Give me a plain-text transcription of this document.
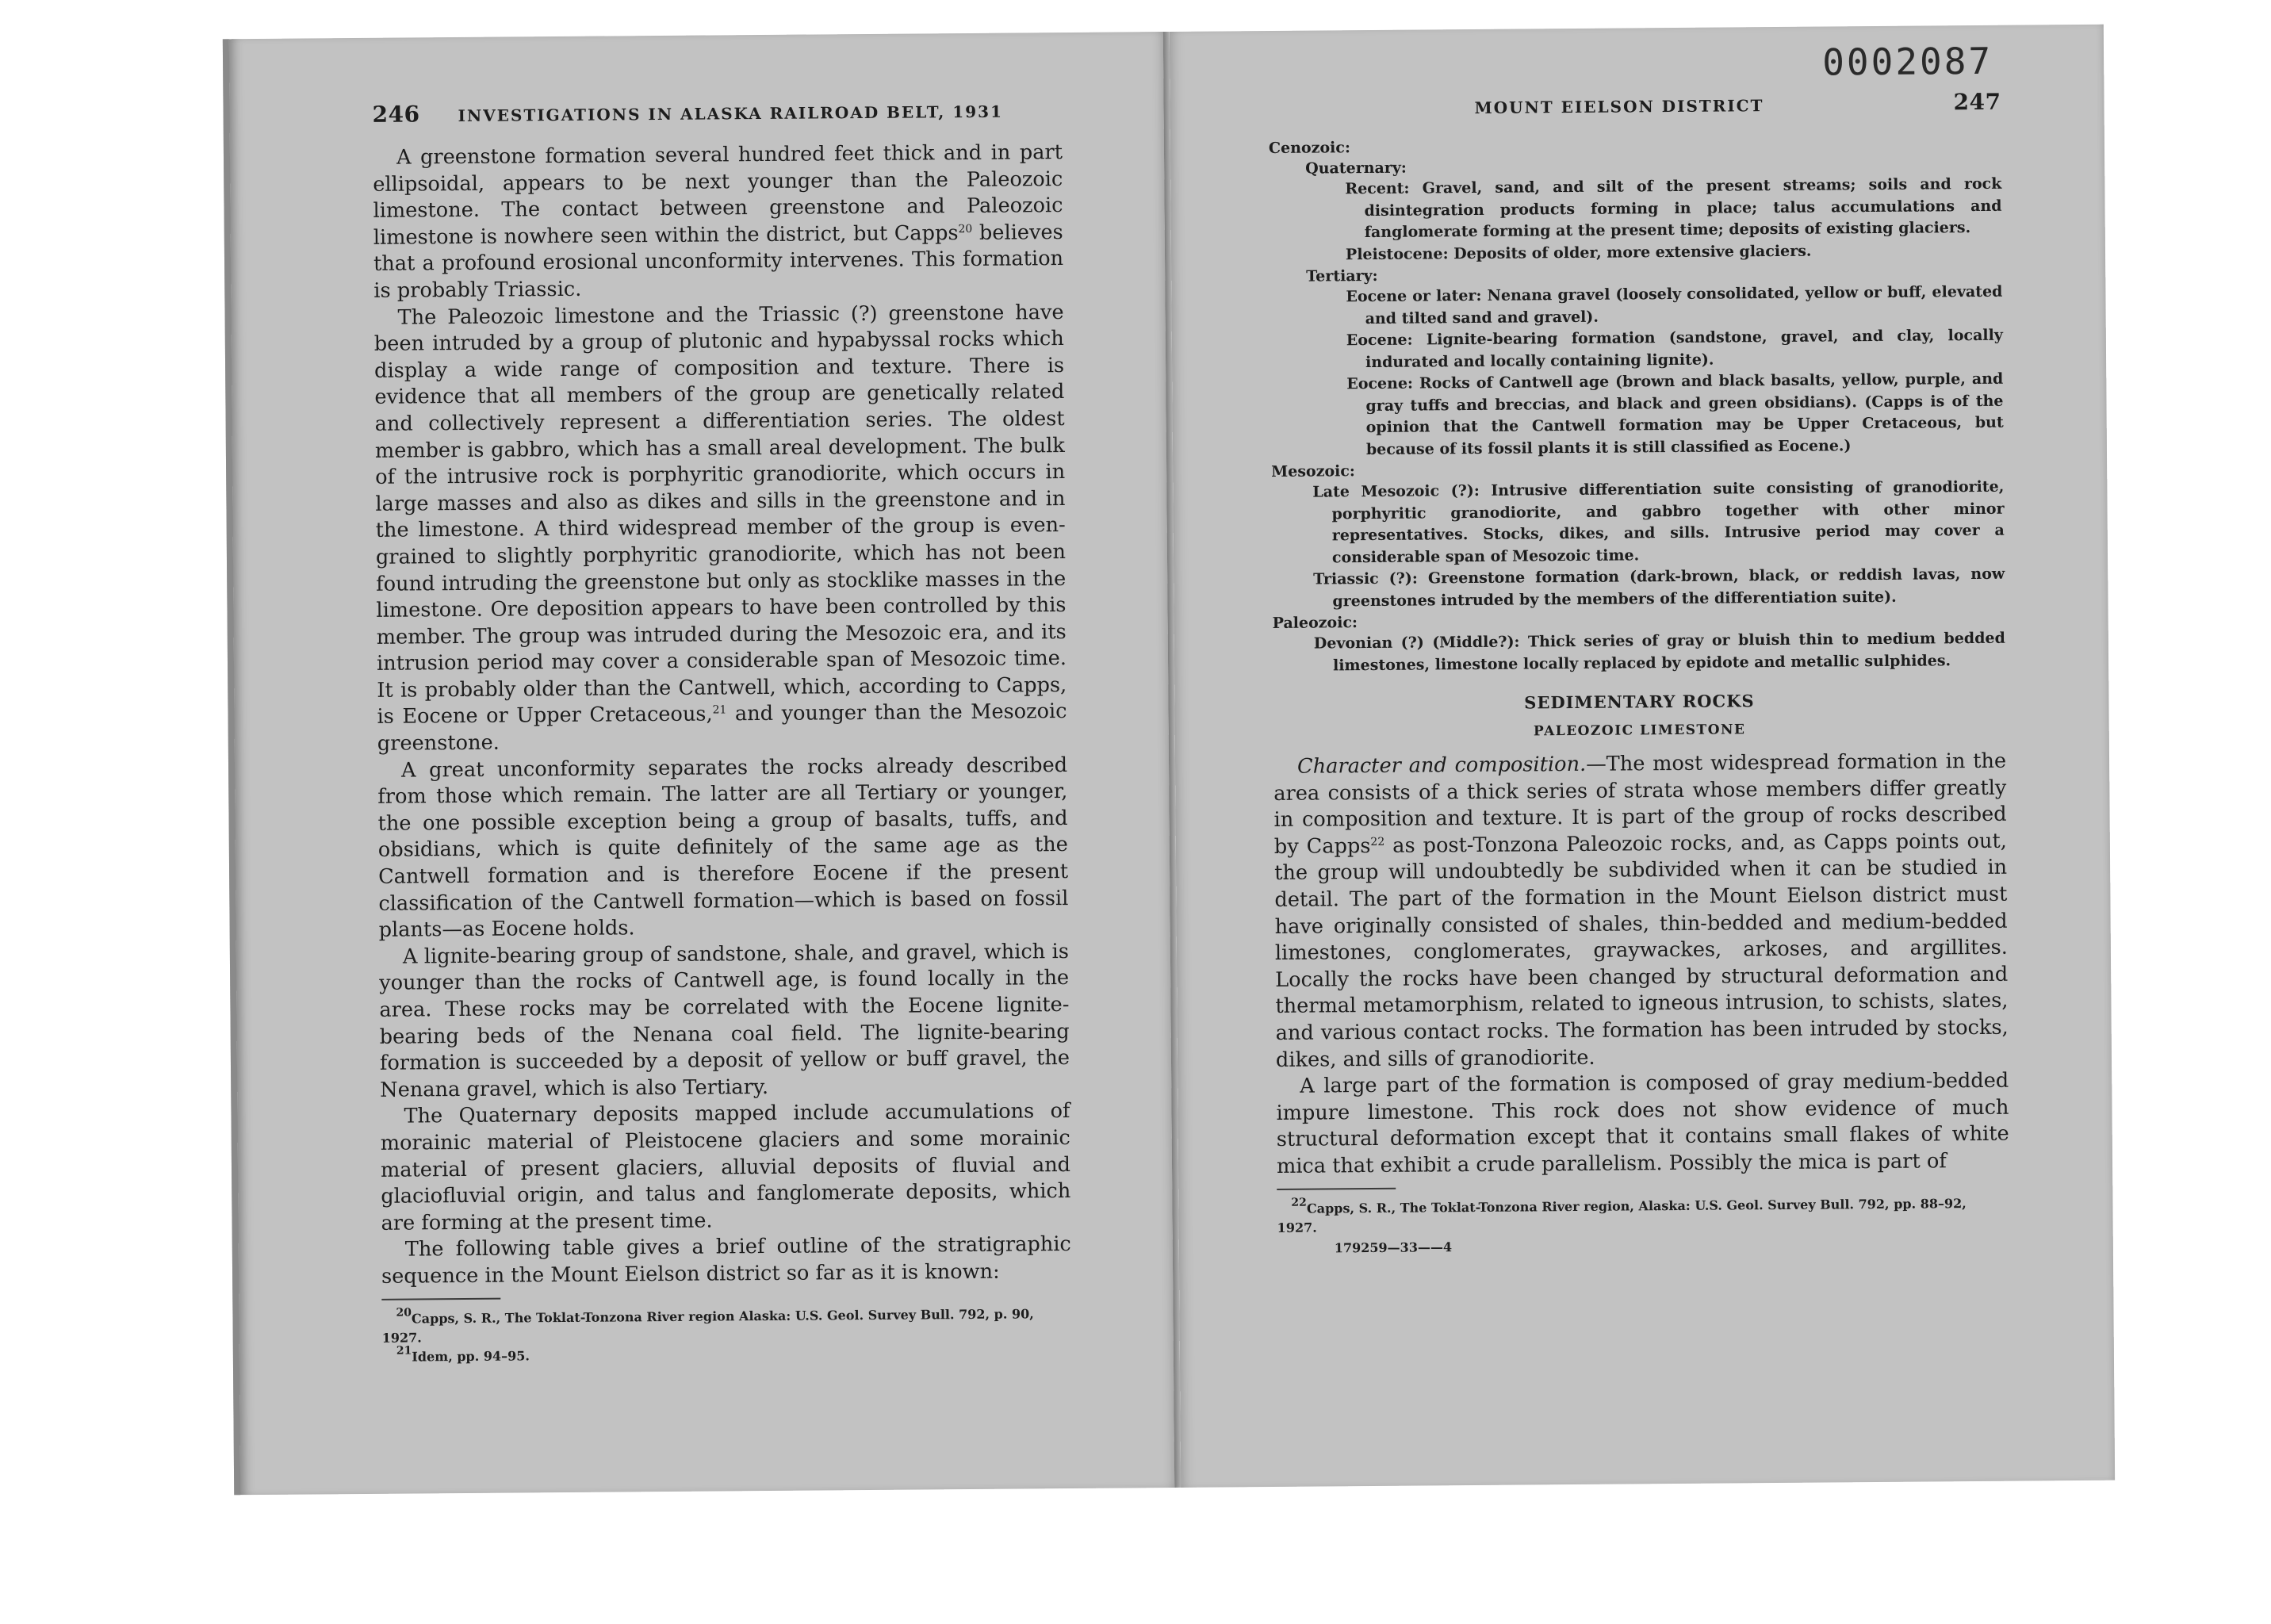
246 INVESTIGATIONS IN ALASKA RAILROAD BELT, 1931

A greenstone formation several hundred feet thick and in part ellipsoidal, appears to be next younger than the Paleozoic limestone. The contact between greenstone and Paleozoic limestone is nowhere seen within the district, but Capps$^{20}$ believes that a profound erosional unconformity intervenes. This formation is probably Triassic.

The Paleozoic limestone and the Triassic (?) greenstone have been intruded by a group of plutonic and hypabyssal rocks which display a wide range of composition and texture. There is evidence that all members of the group are genetically related and collectively represent a differentiation series. The oldest member is gabbro, which has a small areal development. The bulk of the intrusive rock is porphyritic granodiorite, which occurs in large masses and also as dikes and sills in the greenstone and in the limestone. A third widespread member of the group is even-grained to slightly porphyritic granodiorite, which has not been found intruding the greenstone but only as stocklike masses in the limestone. Ore deposition appears to have been controlled by this member. The group was intruded during the Mesozoic era, and its intrusion period may cover a considerable span of Mesozoic time. It is probably older than the Cantwell, which, according to Capps, is Eocene or Upper Cretaceous,$^{21}$ and younger than the Mesozoic greenstone.

A great unconformity separates the rocks already described from those which remain. The latter are all Tertiary or younger, the one possible exception being a group of basalts, tuffs, and obsidians, which is quite definitely of the same age as the Cantwell formation and is therefore Eocene if the present classification of the Cantwell formation—which is based on fossil plants—as Eocene holds.

A lignite-bearing group of sandstone, shale, and gravel, which is younger than the rocks of Cantwell age, is found locally in the area. These rocks may be correlated with the Eocene lignite-bearing beds of the Nenana coal field. The lignite-bearing formation is succeeded by a deposit of yellow or buff gravel, the Nenana gravel, which is also Tertiary.

The Quaternary deposits mapped include accumulations of morainic material of Pleistocene glaciers and some morainic material of present glaciers, alluvial deposits of fluvial and glaciofluvial origin, and talus and fanglomerate deposits, which are forming at the present time.

The following table gives a brief outline of the stratigraphic sequence in the Mount Eielson district so far as it is known:

$^{20}$Capps, S. R., The Toklat-Tonzona River region Alaska: U.S. Geol. Survey Bull. 792, p. 90, 1927.

$^{21}$Idem, pp. 94–95.

0002087
MOUNT EIELSON DISTRICT	247
Cenozoic:
Quaternary:
Recent: Gravel, sand, and silt of the present streams; soils and rock disintegration products forming in place; talus accumulations and fanglomerate forming at the present time; deposits of existing glaciers.
Pleistocene: Deposits of older, more extensive glaciers.
Tertiary:
Eocene or later: Nenana gravel (loosely consolidated, yellow or buff, elevated and tilted sand and gravel).
Eocene: Lignite-bearing formation (sandstone, gravel, and clay, locally indurated and locally containing lignite).
Eocene: Rocks of Cantwell age (brown and black basalts, yellow, purple, and gray tuffs and breccias, and black and green obsidians). (Capps is of the opinion that the Cantwell formation may be Upper Cretaceous, but because of its fossil plants it is still classified as Eocene.)
Mesozoic:
Late Mesozoic (?): Intrusive differentiation suite consisting of granodiorite, porphyritic granodiorite, and gabbro together with other minor representatives. Stocks, dikes, and sills. Intrusive period may cover a considerable span of Mesozoic time.
Triassic (?): Greenstone formation (dark-brown, black, or reddish lavas, now greenstones intruded by the members of the differentiation suite).
Paleozoic:
Devonian (?) (Middle?): Thick series of gray or bluish thin to medium bedded limestones, limestone locally replaced by epidote and metallic sulphides.
SEDIMENTARY ROCKS
PALEOZOIC LIMESTONE

Character and composition.—The most widespread formation in the area consists of a thick series of strata whose members differ greatly in composition and texture. It is part of the group of rocks described by Capps$^{22}$ as post-Tonzona Paleozoic rocks, and, as Capps points out, the group will undoubtedly be subdivided when it can be studied in detail. The part of the formation in the Mount Eielson district must have originally consisted of shales, thin-bedded and medium-bedded limestones, conglomerates, graywackes, arkoses, and argillites. Locally the rocks have been changed by structural deformation and thermal metamorphism, related to igneous intrusion, to schists, slates, and various contact rocks. The formation has been intruded by stocks, dikes, and sills of granodiorite.

A large part of the formation is composed of gray medium-bedded impure limestone. This rock does not show evidence of much structural deformation except that it contains small flakes of white mica that exhibit a crude parallelism. Possibly the mica is part of

$^{22}$Capps, S. R., The Toklat-Tonzona River region, Alaska: U.S. Geol. Survey Bull. 792, pp. 88–92, 1927.

179259—33——4
